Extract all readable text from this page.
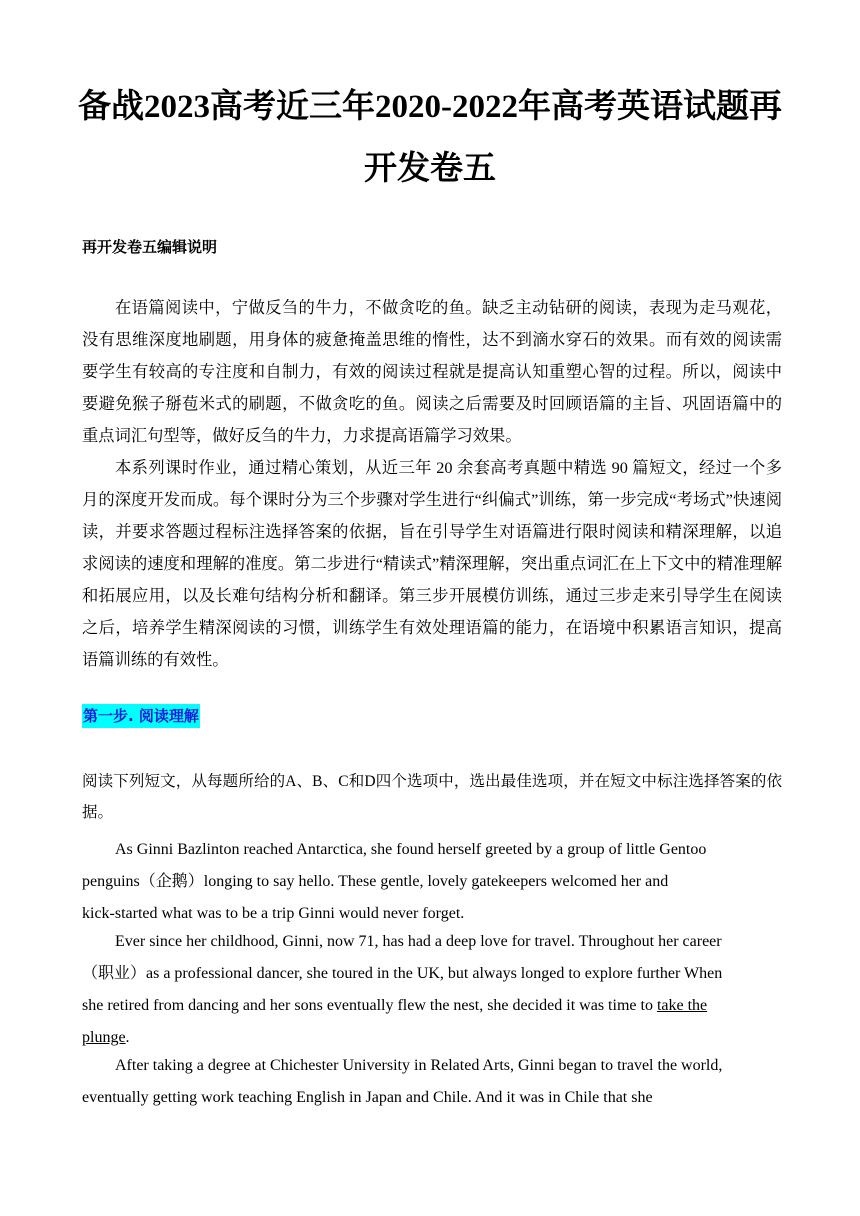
备战2023高考近三年2020-2022年高考英语试题再
开发卷五

再开发卷五编辑说明

在语篇阅读中，宁做反刍的牛力，不做贪吃的鱼。缺乏主动钻研的阅读，表现为走马观花，没有思维深度地刷题，用身体的疲惫掩盖思维的惰性，达不到滴水穿石的效果。而有效的阅读需要学生有较高的专注度和自制力，有效的阅读过程就是提高认知重塑心智的过程。所以，阅读中要避免猴子掰苞米式的刷题，不做贪吃的鱼。阅读之后需要及时回顾语篇的主旨、巩固语篇中的重点词汇句型等，做好反刍的牛力，力求提高语篇学习效果。

本系列课时作业，通过精心策划，从近三年 20 余套高考真题中精选 90 篇短文，经过一个多月的深度开发而成。每个课时分为三个步骤对学生进行“纠偏式”训练，第一步完成“考场式”快速阅读，并要求答题过程标注选择答案的依据，旨在引导学生对语篇进行限时阅读和精深理解，以追求阅读的速度和理解的准度。第二步进行“精读式”精深理解，突出重点词汇在上下文中的精准理解和拓展应用，以及长难句结构分析和翻译。第三步开展模仿训练，通过三步走来引导学生在阅读之后，培养学生精深阅读的习惯，训练学生有效处理语篇的能力，在语境中积累语言知识，提高语篇训练的有效性。

第一步. 阅读理解

阅读下列短文，从每题所给的A、B、C和D四个选项中，选出最佳选项，并在短文中标注选择答案的依据。

As Ginni Bazlinton reached Antarctica, she found herself greeted by a group of little Gentoo
penguins（企鹅）longing to say hello. These gentle, lovely gatekeepers welcomed her and
kick-started what was to be a trip Ginni would never forget.

Ever since her childhood, Ginni, now 71, has had a deep love for travel. Throughout her career
（职业）as a professional dancer, she toured in the UK, but always longed to explore further When
she retired from dancing and her sons eventually flew the nest, she decided it was time to take the
plunge.

After taking a degree at Chichester University in Related Arts, Ginni began to travel the world,
eventually getting work teaching English in Japan and Chile. And it was in Chile that she
